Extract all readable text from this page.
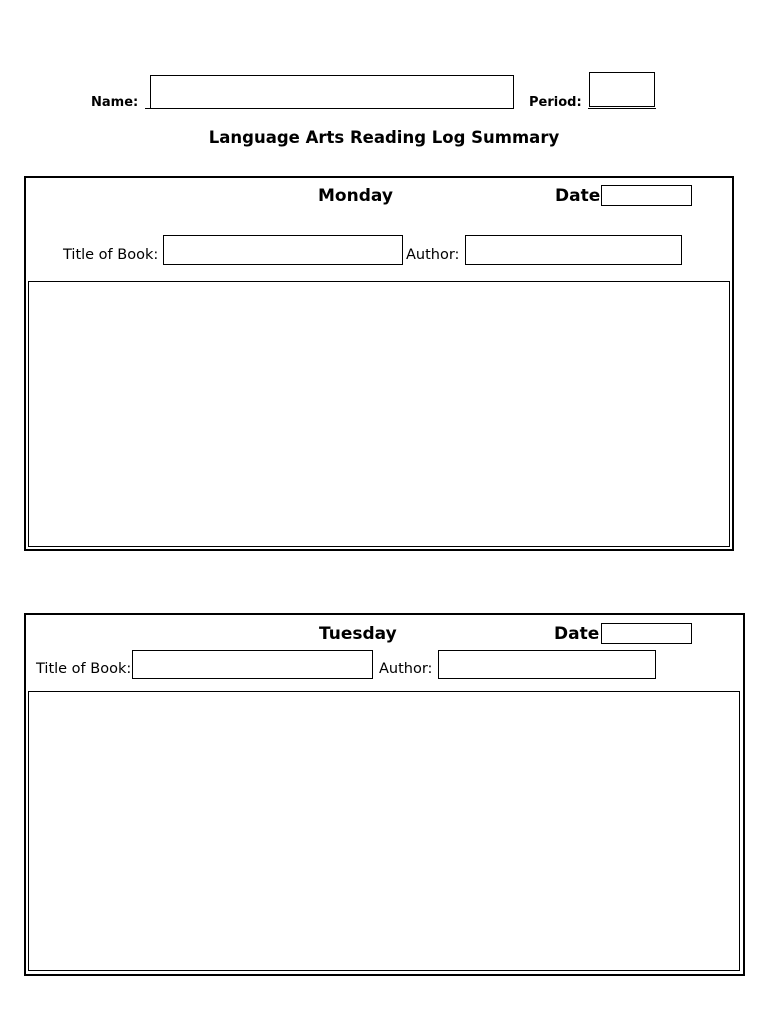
Name:	Period:
Language Arts Reading Log Summary
Monday	Date
Title of Book:	Author:
Tuesday	Date
Title of Book:	Author:
